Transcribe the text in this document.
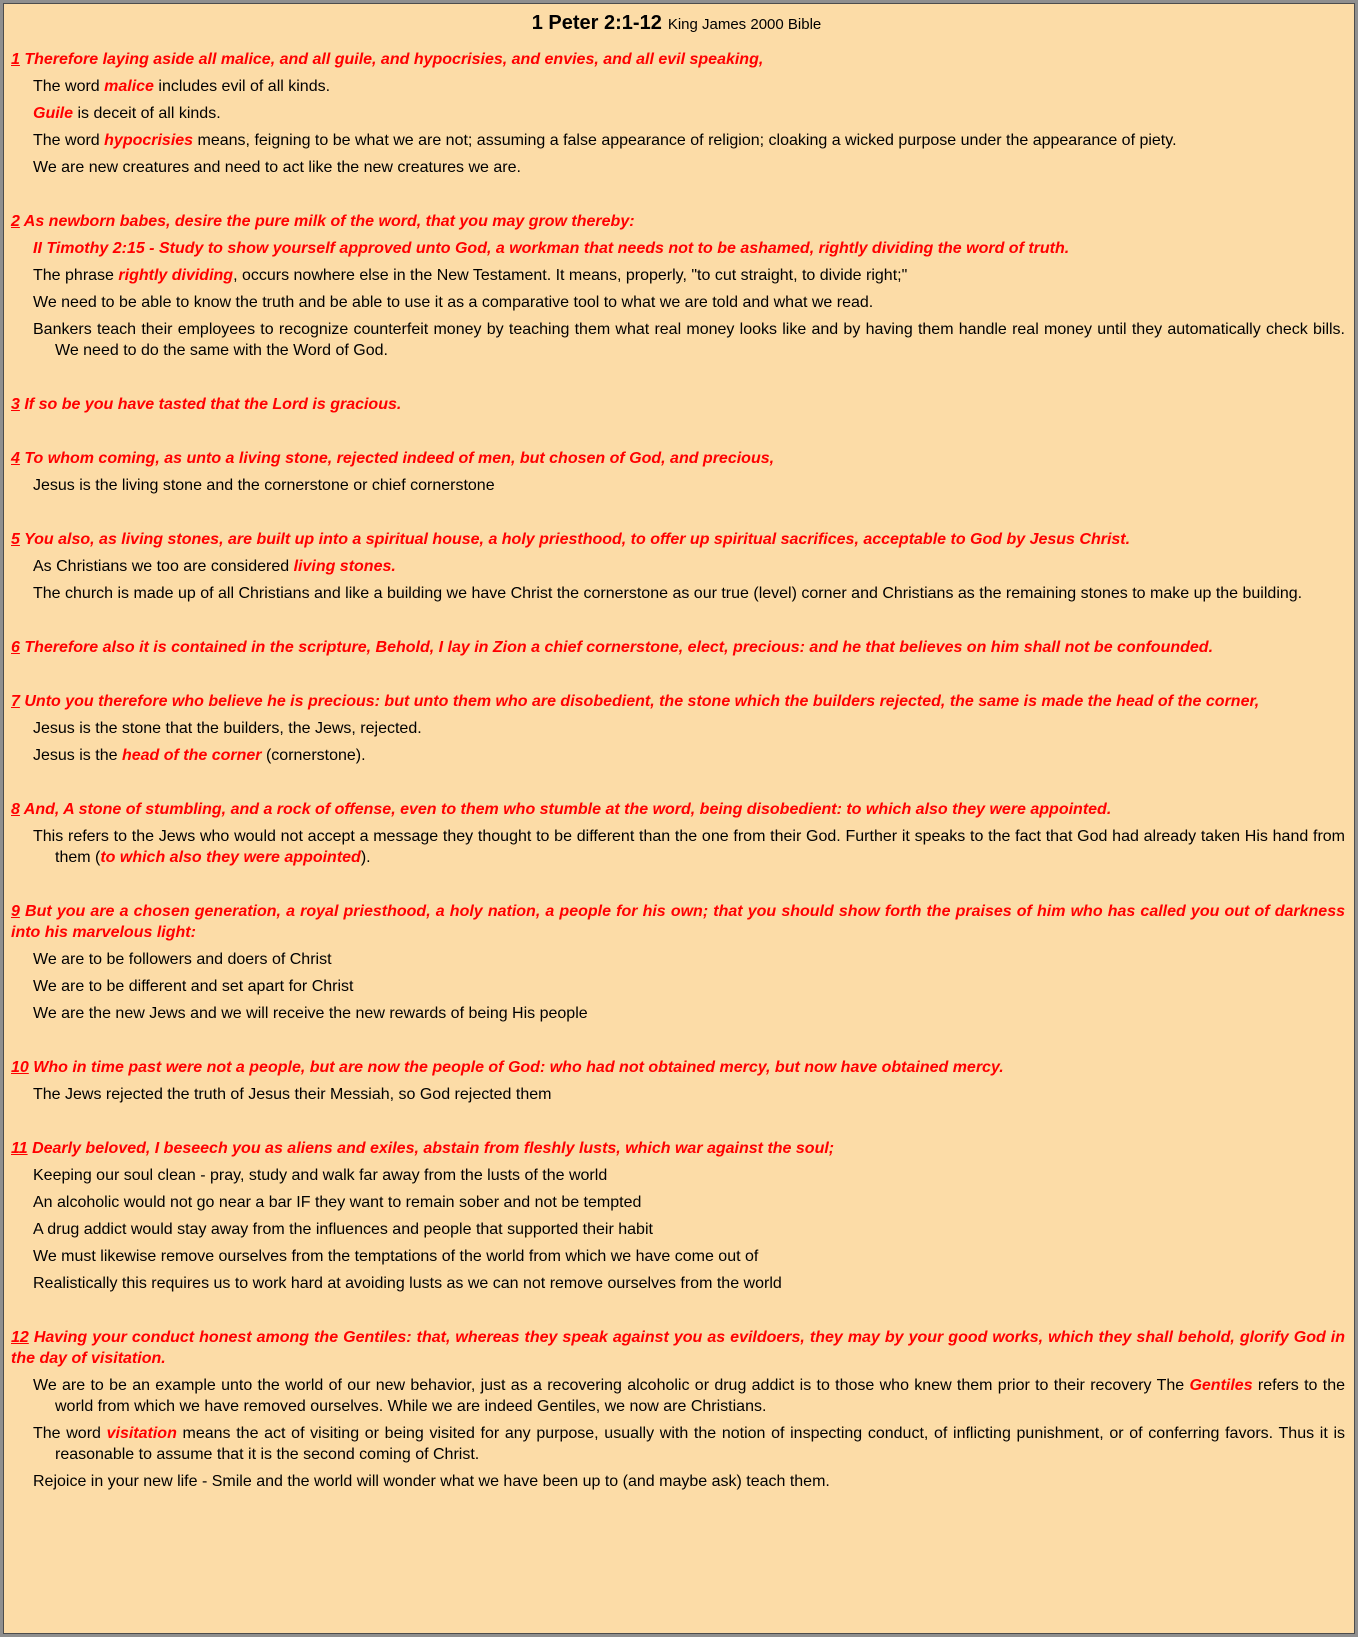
1 Peter 2:1-12 King James 2000 Bible

1 Therefore laying aside all malice, and all guile, and hypocrisies, and envies, and all evil speaking,

The word malice includes evil of all kinds.

Guile is deceit of all kinds.

The word hypocrisies means, feigning to be what we are not; assuming a false appearance of religion; cloaking a wicked purpose under the appearance of piety.

We are new creatures and need to act like the new creatures we are.

2 As newborn babes, desire the pure milk of the word, that you may grow thereby:

II Timothy 2:15 - Study to show yourself approved unto God, a workman that needs not to be ashamed, rightly dividing the word of truth.

The phrase rightly dividing, occurs nowhere else in the New Testament. It means, properly, "to cut straight, to divide right;"

We need to be able to know the truth and be able to use it as a comparative tool to what we are told and what we read.

Bankers teach their employees to recognize counterfeit money by teaching them what real money looks like and by having them handle real money until they automatically check bills. We need to do the same with the Word of God.

3 If so be you have tasted that the Lord is gracious.

4 To whom coming, as unto a living stone, rejected indeed of men, but chosen of God, and precious,

Jesus is the living stone and the cornerstone or chief cornerstone

5 You also, as living stones, are built up into a spiritual house, a holy priesthood, to offer up spiritual sacrifices, acceptable to God by Jesus Christ.

As Christians we too are considered living stones.

The church is made up of all Christians and like a building we have Christ the cornerstone as our true (level) corner and Christians as the remaining stones to make up the building.

6 Therefore also it is contained in the scripture, Behold, I lay in Zion a chief cornerstone, elect, precious: and he that believes on him shall not be confounded.

7 Unto you therefore who believe he is precious: but unto them who are disobedient, the stone which the builders rejected, the same is made the head of the corner,

Jesus is the stone that the builders, the Jews, rejected.

Jesus is the head of the corner (cornerstone).

8 And, A stone of stumbling, and a rock of offense, even to them who stumble at the word, being disobedient: to which also they were appointed.

This refers to the Jews who would not accept a message they thought to be different than the one from their God. Further it speaks to the fact that God had already taken His hand from them (to which also they were appointed).

9 But you are a chosen generation, a royal priesthood, a holy nation, a people for his own; that you should show forth the praises of him who has called you out of darkness into his marvelous light:

We are to be followers and doers of Christ

We are to be different and set apart for Christ

We are the new Jews and we will receive the new rewards of being His people

10 Who in time past were not a people, but are now the people of God: who had not obtained mercy, but now have obtained mercy.

The Jews rejected the truth of Jesus their Messiah, so God rejected them

11 Dearly beloved, I beseech you as aliens and exiles, abstain from fleshly lusts, which war against the soul;

Keeping our soul clean - pray, study and walk far away from the lusts of the world

An alcoholic would not go near a bar IF they want to remain sober and not be tempted

A drug addict would stay away from the influences and people that supported their habit

We must likewise remove ourselves from the temptations of the world from which we have come out of

Realistically this requires us to work hard at avoiding lusts as we can not remove ourselves from the world

12 Having your conduct honest among the Gentiles: that, whereas they speak against you as evildoers, they may by your good works, which they shall behold, glorify God in the day of visitation.

We are to be an example unto the world of our new behavior, just as a recovering alcoholic or drug addict is to those who knew them prior to their recovery The Gentiles refers to the world from which we have removed ourselves. While we are indeed Gentiles, we now are Christians.

The word visitation means the act of visiting or being visited for any purpose, usually with the notion of inspecting conduct, of inflicting punishment, or of conferring favors. Thus it is reasonable to assume that it is the second coming of Christ.

Rejoice in your new life - Smile and the world will wonder what we have been up to (and maybe ask) teach them.
